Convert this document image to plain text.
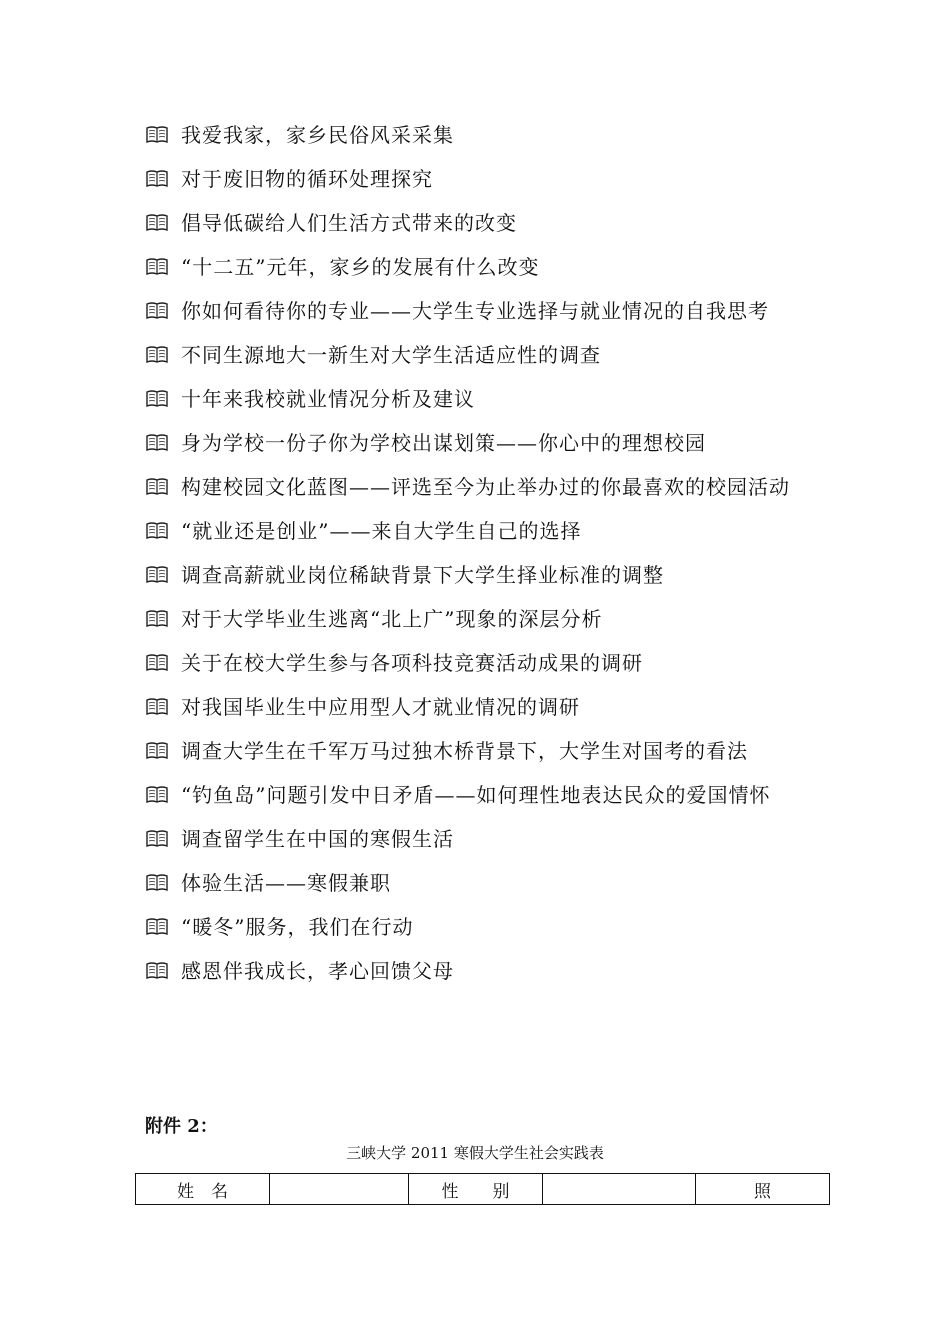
我爱我家，家乡民俗风采采集
对于废旧物的循环处理探究
倡导低碳给人们生活方式带来的改变
“十二五”元年，家乡的发展有什么改变
你如何看待你的专业——大学生专业选择与就业情况的自我思考
不同生源地大一新生对大学生活适应性的调查
十年来我校就业情况分析及建议
身为学校一份子你为学校出谋划策——你心中的理想校园
构建校园文化蓝图——评选至今为止举办过的你最喜欢的校园活动
“就业还是创业”——来自大学生自己的选择
调查高薪就业岗位稀缺背景下大学生择业标准的调整
对于大学毕业生逃离“北上广”现象的深层分析
关于在校大学生参与各项科技竞赛活动成果的调研
对我国毕业生中应用型人才就业情况的调研
调查大学生在千军万马过独木桥背景下，大学生对国考的看法
“钓鱼岛”问题引发中日矛盾——如何理性地表达民众的爱国情怀
调查留学生在中国的寒假生活
体验生活——寒假兼职
“暖冬”服务，我们在行动
感恩伴我成长，孝心回馈父母
附件 2：
三峡大学 2011 寒假大学生社会实践表
姓　名		性　　别		照
